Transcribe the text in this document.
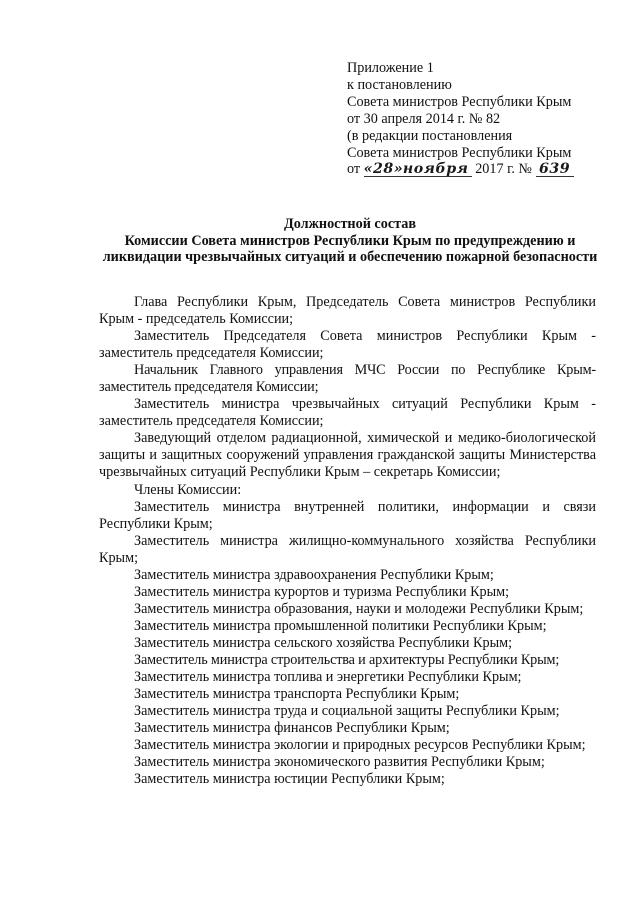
Приложение 1
к постановлению
Совета министров Республики Крым
от 30 апреля 2014 г. № 82
(в редакции постановления
Совета министров Республики Крым
от «28»ноября 2017 г. № 639
Должностной состав
Комиссии Совета министров Республики Крым по предупреждению и ликвидации чрезвычайных ситуаций и обеспечению пожарной безопасности

Глава Республики Крым, Председатель Совета министров Республики Крым - председатель Комиссии;

Заместитель Председателя Совета министров Республики Крым - заместитель председателя Комиссии;

Начальник Главного управления МЧС России по Республике Крым-заместитель председателя Комиссии;

Заместитель министра чрезвычайных ситуаций Республики Крым - заместитель председателя Комиссии;

Заведующий отделом радиационной, химической и медико-биологической защиты и защитных сооружений управления гражданской защиты Министерства чрезвычайных ситуаций Республики Крым – секретарь Комиссии;

Члены Комиссии:

Заместитель министра внутренней политики, информации и связи Республики Крым;

Заместитель министра жилищно-коммунального хозяйства Республики Крым;

Заместитель министра здравоохранения Республики Крым;

Заместитель министра курортов и туризма Республики Крым;

Заместитель министра образования, науки и молодежи Республики Крым;

Заместитель министра промышленной политики Республики Крым;

Заместитель министра сельского хозяйства Республики Крым;

Заместитель министра строительства и архитектуры Республики Крым;

Заместитель министра топлива и энергетики Республики Крым;

Заместитель министра транспорта Республики Крым;

Заместитель министра труда и социальной защиты Республики Крым;

Заместитель министра финансов Республики Крым;

Заместитель министра экологии и природных ресурсов Республики Крым;

Заместитель министра экономического развития Республики Крым;

Заместитель министра юстиции Республики Крым;
